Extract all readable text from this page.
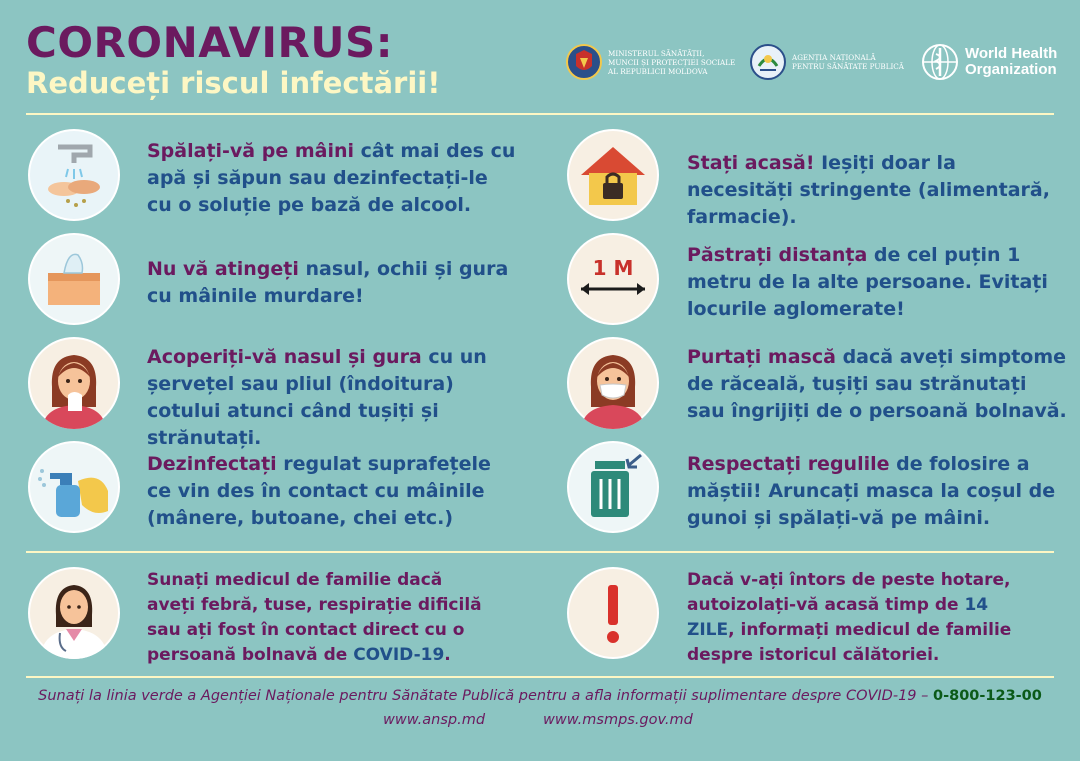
CORONAVIRUS:
Reduceți riscul infectării!
MINISTERUL SĂNĂTĂȚII,
MUNCII ȘI PROTECȚIEI SOCIALE
AL REPUBLICII MOLDOVA
AGENȚIA NAȚIONALĂ
PENTRU SĂNĂTATE PUBLICĂ
World Health
Organization
Spălați-vă pe mâini cât mai des cu apă și săpun sau dezinfectați-le cu o soluție pe bază de alcool.
Nu vă atingeți nasul, ochii și gura cu mâinile murdare!
Acoperiți-vă nasul și gura cu un șervețel sau pliul (îndoitura) cotului atunci când tușiți și strănutați.
Dezinfectați regulat suprafețele ce vin des în contact cu mâinile (mânere, butoane, chei etc.)
Stați acasă! Ieșiți doar la necesități stringente (alimentară, farmacie).
1 M
Păstrați distanța de cel puțin 1 metru de la alte persoane. Evitați locurile aglomerate!
Purtați mască dacă aveți simptome de răceală, tușiți sau strănutați sau îngrijiți de o persoană bolnavă.
Respectați regulile de folosire a măștii! Aruncați masca la coșul de gunoi și spălați-vă pe mâini.
Sunați medicul de familie dacă aveți febră, tuse, respirație dificilă sau ați fost în contact direct cu o persoană bolnavă de COVID-19.
Dacă v-ați întors de peste hotare, autoizolați-vă acasă timp de 14 ZILE, informați medicul de familie despre istoricul călătoriei.
Sunați la linia verde a Agenției Naționale pentru Sănătate Publică pentru a afla informații suplimentare despre COVID-19 – 0-800-123-00
www.ansp.md	www.msmps.gov.md
